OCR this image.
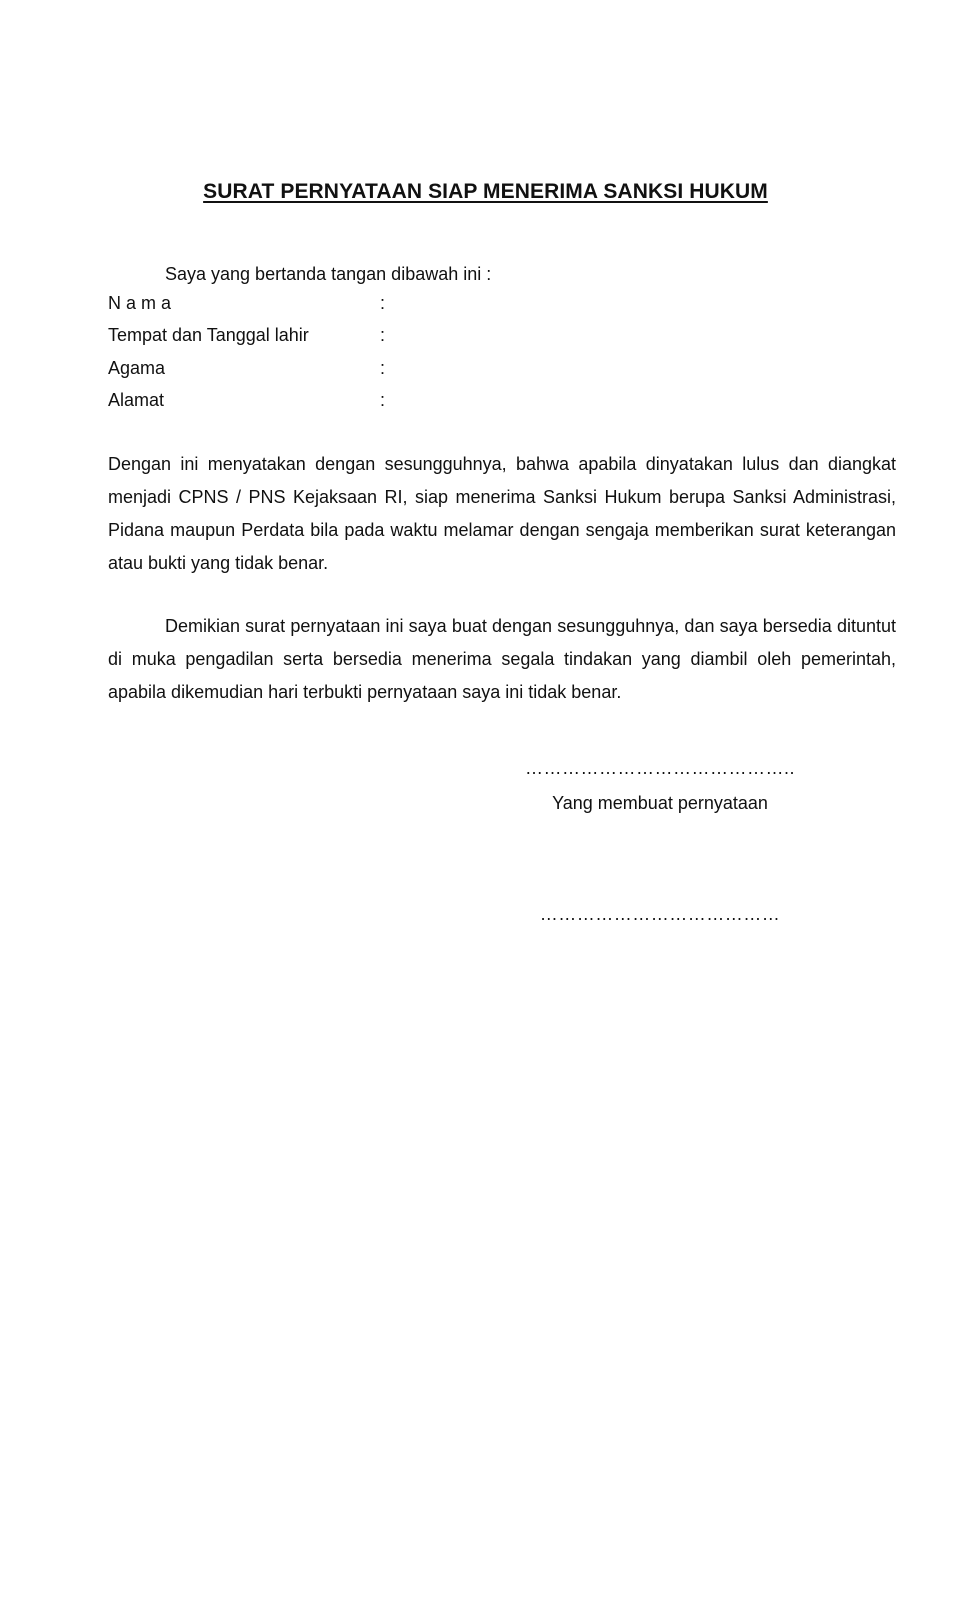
SURAT PERNYATAAN SIAP MENERIMA SANKSI HUKUM
Saya yang bertanda tangan dibawah ini :
N a m a	:
Tempat dan Tanggal lahir	:
Agama	:
Alamat	:

Dengan ini menyatakan dengan sesungguhnya, bahwa apabila dinyatakan lulus dan diangkat menjadi CPNS / PNS Kejaksaan RI, siap menerima Sanksi Hukum berupa Sanksi Administrasi, Pidana maupun Perdata bila pada waktu melamar dengan sengaja memberikan surat keterangan atau bukti yang tidak benar.

Demikian surat pernyataan ini saya buat dengan sesungguhnya, dan saya bersedia dituntut di muka pengadilan serta bersedia menerima segala tindakan yang diambil oleh pemerintah, apabila dikemudian hari terbukti pernyataan saya ini tidak benar.

……………………………………..
Yang membuat pernyataan
…………………………………
